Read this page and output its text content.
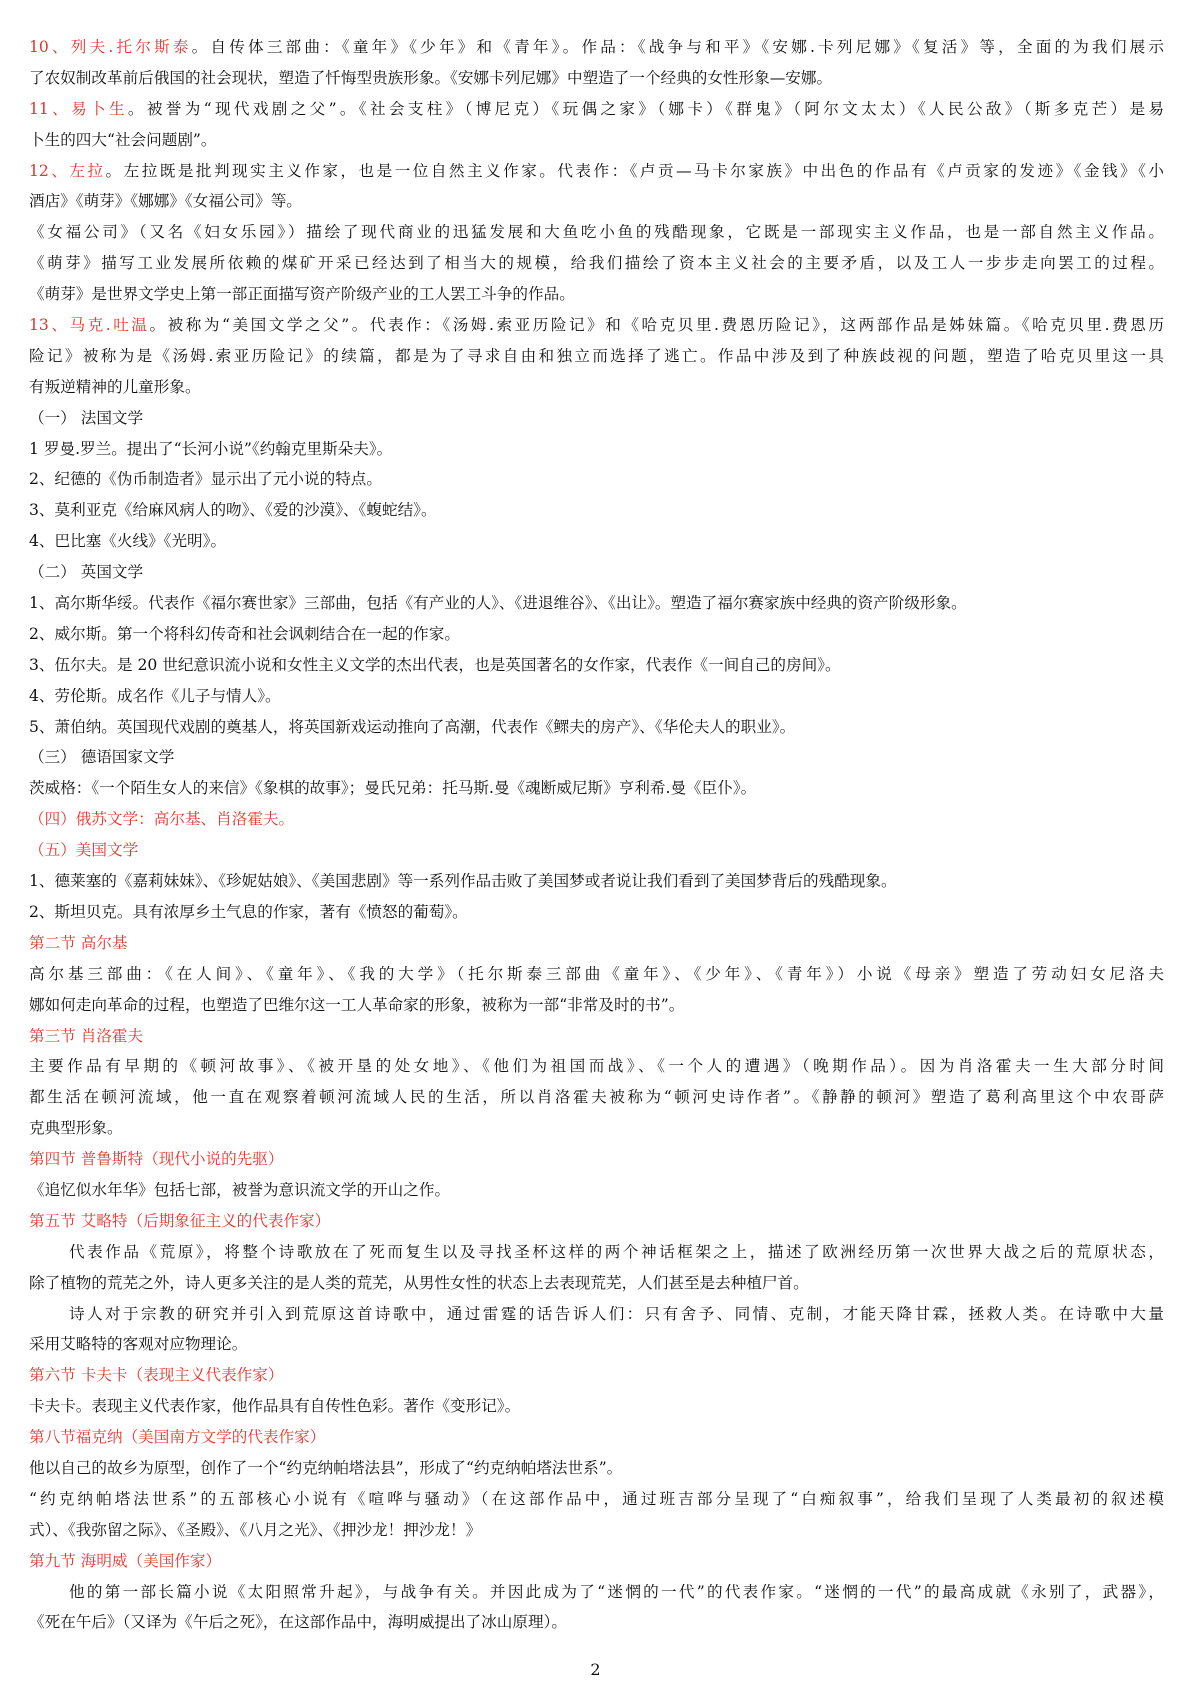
10、列夫.托尔斯泰。自传体三部曲：《童年》《少年》和《青年》。作品：《战争与和平》《安娜.卡列尼娜》《复活》等，全面的为我们展示
了农奴制改革前后俄国的社会现状，塑造了忏悔型贵族形象。《安娜卡列尼娜》中塑造了一个经典的女性形象—安娜。
11、易卜生。被誉为“现代戏剧之父”。《社会支柱》（博尼克）《玩偶之家》（娜卡）《群鬼》（阿尔文太太）《人民公敌》（斯多克芒）是易
卜生的四大“社会问题剧”。
12、左拉。左拉既是批判现实主义作家，也是一位自然主义作家。代表作：《卢贡—马卡尔家族》中出色的作品有《卢贡家的发迹》《金钱》《小
酒店》《萌芽》《娜娜》《女福公司》等。
《女福公司》（又名《妇女乐园》）描绘了现代商业的迅猛发展和大鱼吃小鱼的残酷现象，它既是一部现实主义作品，也是一部自然主义作品。
《萌芽》描写工业发展所依赖的煤矿开采已经达到了相当大的规模，给我们描绘了资本主义社会的主要矛盾，以及工人一步步走向罢工的过程。
《萌芽》是世界文学史上第一部正面描写资产阶级产业的工人罢工斗争的作品。
13、马克.吐温。被称为“美国文学之父”。代表作：《汤姆.索亚历险记》和《哈克贝里.费恩历险记》，这两部作品是姊妹篇。《哈克贝里.费恩历
险记》被称为是《汤姆.索亚历险记》的续篇，都是为了寻求自由和独立而选择了逃亡。作品中涉及到了种族歧视的问题，塑造了哈克贝里这一具
有叛逆精神的儿童形象。
（一） 法国文学
1 罗曼.罗兰。提出了“长河小说”《约翰克里斯朵夫》。
2、纪德的《伪币制造者》显示出了元小说的特点。
3、莫利亚克《给麻风病人的吻》、《爱的沙漠》、《蝮蛇结》。
4、巴比塞《火线》《光明》。
（二） 英国文学
1、高尔斯华绥。代表作《福尔赛世家》三部曲，包括《有产业的人》、《进退维谷》、《出让》。塑造了福尔赛家族中经典的资产阶级形象。
2、威尔斯。第一个将科幻传奇和社会讽刺结合在一起的作家。
3、伍尔夫。是 20 世纪意识流小说和女性主义文学的杰出代表，也是英国著名的女作家，代表作《一间自己的房间》。
4、劳伦斯。成名作《儿子与情人》。
5、萧伯纳。英国现代戏剧的奠基人，将英国新戏运动推向了高潮，代表作《鳏夫的房产》、《华伦夫人的职业》。
（三） 德语国家文学
茨威格：《一个陌生女人的来信》《象棋的故事》；曼氏兄弟：托马斯.曼《魂断威尼斯》亨利希.曼《臣仆》。
（四）俄苏文学：高尔基、肖洛霍夫。
（五）美国文学
1、德莱塞的《嘉莉妹妹》、《珍妮姑娘》、《美国悲剧》等一系列作品击败了美国梦或者说让我们看到了美国梦背后的残酷现象。
2、斯坦贝克。具有浓厚乡土气息的作家，著有《愤怒的葡萄》。
第二节 高尔基
高尔基三部曲：《在人间》、《童年》、《我的大学》（托尔斯泰三部曲《童年》、《少年》、《青年》）小说《母亲》塑造了劳动妇女尼洛夫
娜如何走向革命的过程，也塑造了巴维尔这一工人革命家的形象，被称为一部“非常及时的书”。
第三节 肖洛霍夫
主要作品有早期的《顿河故事》、《被开垦的处女地》、《他们为祖国而战》、《一个人的遭遇》（晚期作品）。因为肖洛霍夫一生大部分时间
都生活在顿河流域，他一直在观察着顿河流域人民的生活，所以肖洛霍夫被称为“顿河史诗作者”。《静静的顿河》塑造了葛利高里这个中农哥萨
克典型形象。
第四节 普鲁斯特（现代小说的先驱）
《追忆似水年华》包括七部，被誉为意识流文学的开山之作。
第五节 艾略特（后期象征主义的代表作家）
代表作品《荒原》，将整个诗歌放在了死而复生以及寻找圣杯这样的两个神话框架之上，描述了欧洲经历第一次世界大战之后的荒原状态，
除了植物的荒芜之外，诗人更多关注的是人类的荒芜，从男性女性的状态上去表现荒芜，人们甚至是去种植尸首。
诗人对于宗教的研究并引入到荒原这首诗歌中，通过雷霆的话告诉人们：只有舍予、同情、克制，才能天降甘霖，拯救人类。在诗歌中大量
采用艾略特的客观对应物理论。
第六节 卡夫卡（表现主义代表作家）
卡夫卡。表现主义代表作家，他作品具有自传性色彩。著作《变形记》。
第八节福克纳（美国南方文学的代表作家）
他以自己的故乡为原型，创作了一个“约克纳帕塔法县”，形成了“约克纳帕塔法世系”。
“约克纳帕塔法世系”的五部核心小说有《喧哗与骚动》（在这部作品中，通过班吉部分呈现了“白痴叙事”，给我们呈现了人类最初的叙述模
式）、《我弥留之际》、《圣殿》、《八月之光》、《押沙龙！押沙龙！》
第九节 海明威（美国作家）
他的第一部长篇小说《太阳照常升起》，与战争有关。并因此成为了“迷惘的一代”的代表作家。“迷惘的一代”的最高成就《永别了，武器》，
《死在午后》（又译为《午后之死》，在这部作品中，海明威提出了冰山原理）。
2
